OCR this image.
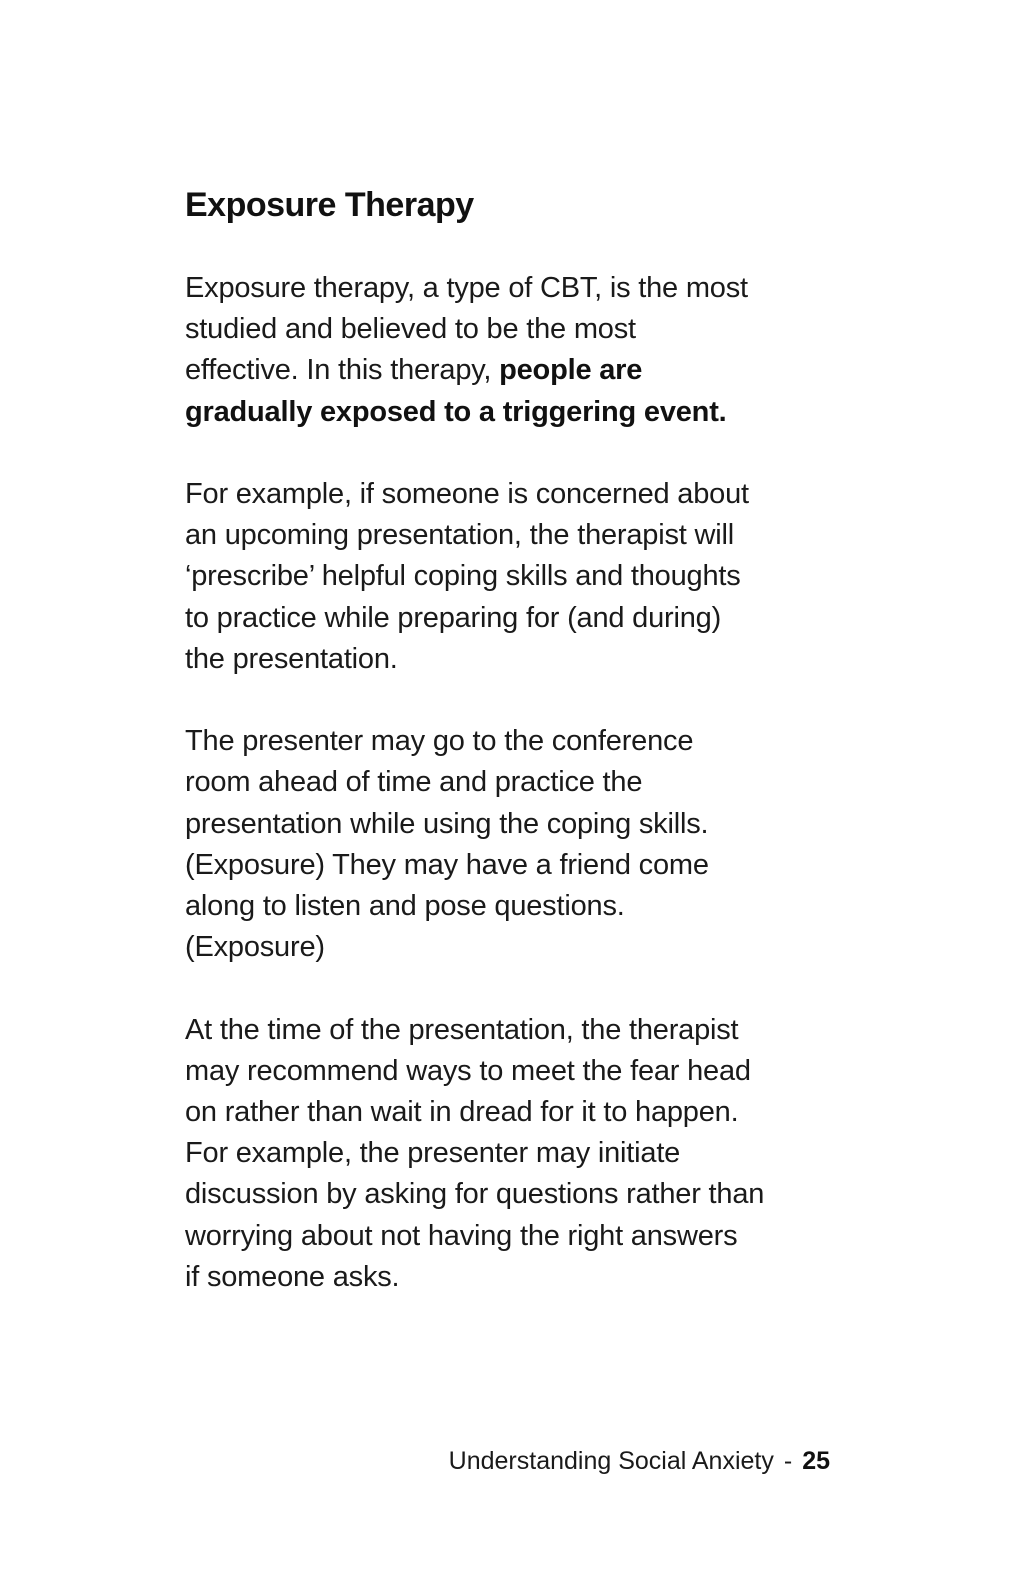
Exposure Therapy

Exposure therapy, a type of CBT, is the most
studied and believed to be the most
effective. In this therapy, people are
gradually exposed to a triggering event.

For example, if someone is concerned about
an upcoming presentation, the therapist will
‘prescribe’ helpful coping skills and thoughts
to practice while preparing for (and during)
the presentation.

The presenter may go to the conference
room ahead of time and practice the
presentation while using the coping skills.
(Exposure) They may have a friend come
along to listen and pose questions.
(Exposure)

At the time of the presentation, the therapist
may recommend ways to meet the fear head
on rather than wait in dread for it to happen.
For example, the presenter may initiate
discussion by asking for questions rather than
worrying about not having the right answers
if someone asks.

Understanding Social Anxiety - 25
